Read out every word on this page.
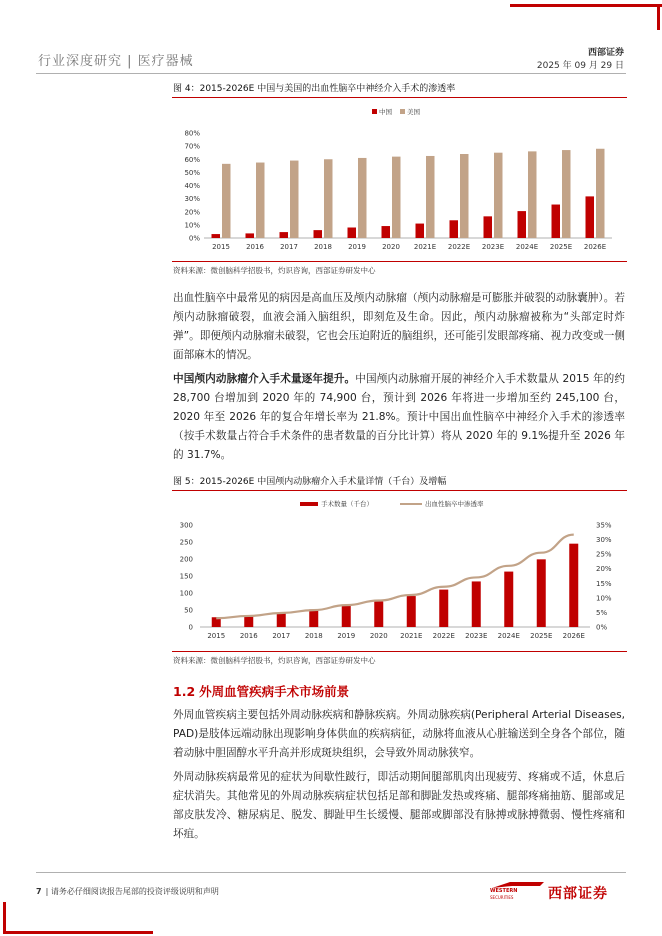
行业深度研究 | 医疗器械
西部证券
2025 年 09 月 29 日
图 4：2015-2026E 中国与美国的出血性脑卒中神经介入手术的渗透率
0%
10%
20%
30%
40%
50%
60%
70%
80%
2015 2016 2017 2018 2019 2020 2021E 2022E 2023E 2024E 2025E 2026E
中国 美国
资料来源：微创脑科学招股书，灼识咨询，西部证券研发中心
出血性脑卒中最常见的病因是高血压及颅内动脉瘤（颅内动脉瘤是可膨胀并破裂的动脉囊肿）。若颅内动脉瘤破裂，血液会涌入脑组织，即刻危及生命。因此，颅内动脉瘤被称为“头部定时炸弹”。即便颅内动脉瘤未破裂，它也会压迫附近的脑组织，还可能引发眼部疼痛、视力改变或一侧面部麻木的情况。
中国颅内动脉瘤介入手术量逐年提升。中国颅内动脉瘤开展的神经介入手术数量从 2015 年的约 28,700 台增加到 2020 年的 74,900 台，预计到 2026 年将进一步增加至约 245,100 台，2020 年至 2026 年的复合年增长率为 21.8%。预计中国出血性脑卒中神经介入手术的渗透率（按手术数量占符合手术条件的患者数量的百分比计算）将从 2020 年的 9.1%提升至 2026 年的 31.7%。
图 5：2015-2026E 中国颅内动脉瘤介入手术量详情（千台）及增幅
0
50
100
150
200
250
300
0%
5%
10%
15%
20%
25%
30%
35%
2015 2016 2017 2018 2019 2020 2021E 2022E 2023E 2024E 2025E 2026E
手术数量（千台）	出血性脑卒中渗透率
资料来源：微创脑科学招股书，灼识咨询，西部证券研发中心
1.2 外周血管疾病手术市场前景
外周血管疾病主要包括外周动脉疾病和静脉疾病。外周动脉疾病(Peripheral Arterial Diseases, PAD)是肢体远端动脉出现影响身体供血的疾病病征，动脉将血液从心脏输送到全身各个部位，随着动脉中胆固醇水平升高并形成斑块组织，会导致外周动脉狭窄。
外周动脉疾病最常见的症状为间歇性跛行，即活动期间腿部肌肉出现疲劳、疼痛或不适，休息后症状消失。其他常见的外周动脉疾病症状包括足部和脚趾发热或疼痛、腿部疼痛抽筋、腿部或足部皮肤发冷、糖尿病足、脱发、脚趾甲生长缓慢、腿部或脚部没有脉搏或脉搏微弱、慢性疼痛和坏疽。
7 | 请务必仔细阅读报告尾部的投资评级说明和声明	WESTERN
SECURITIES 西部证券
